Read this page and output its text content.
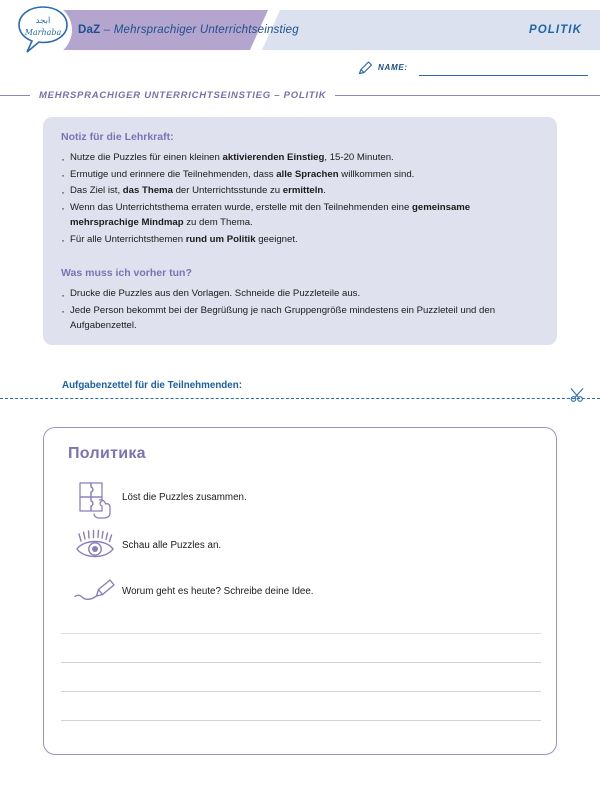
DaZ
– Mehrsprachiger Unterrichtseinstieg	POLITIK
ابجد
Marhaba
NAME:
MEHRSPRACHIGER UNTERRICHTSEINSTIEG – POLITIK
Notiz für die Lehrkraft:
· Nutze die Puzzles für einen kleinen aktivierenden Einstieg, 15-20 Minuten.
· Ermutige und erinnere die Teilnehmenden, dass alle Sprachen willkommen sind.
· Das Ziel ist, das Thema der Unterrichtsstunde zu ermitteln.
· Wenn das Unterrichtsthema erraten wurde, erstelle mit den Teilnehmenden eine gemeinsame mehrsprachige Mindmap zu dem Thema.
· Für alle Unterrichtsthemen rund um Politik geeignet.
Was muss ich vorher tun?
· Drucke die Puzzles aus den Vorlagen. Schneide die Puzzleteile aus.
· Jede Person bekommt bei der Begrüßung je nach Gruppengröße mindestens ein Puzzleteil und den Aufgabenzettel.
Aufgabenzettel für die Teilnehmenden:
Политика
Löst die Puzzles zusammen.
Schau alle Puzzles an.
Worum geht es heute? Schreibe deine Idee.
